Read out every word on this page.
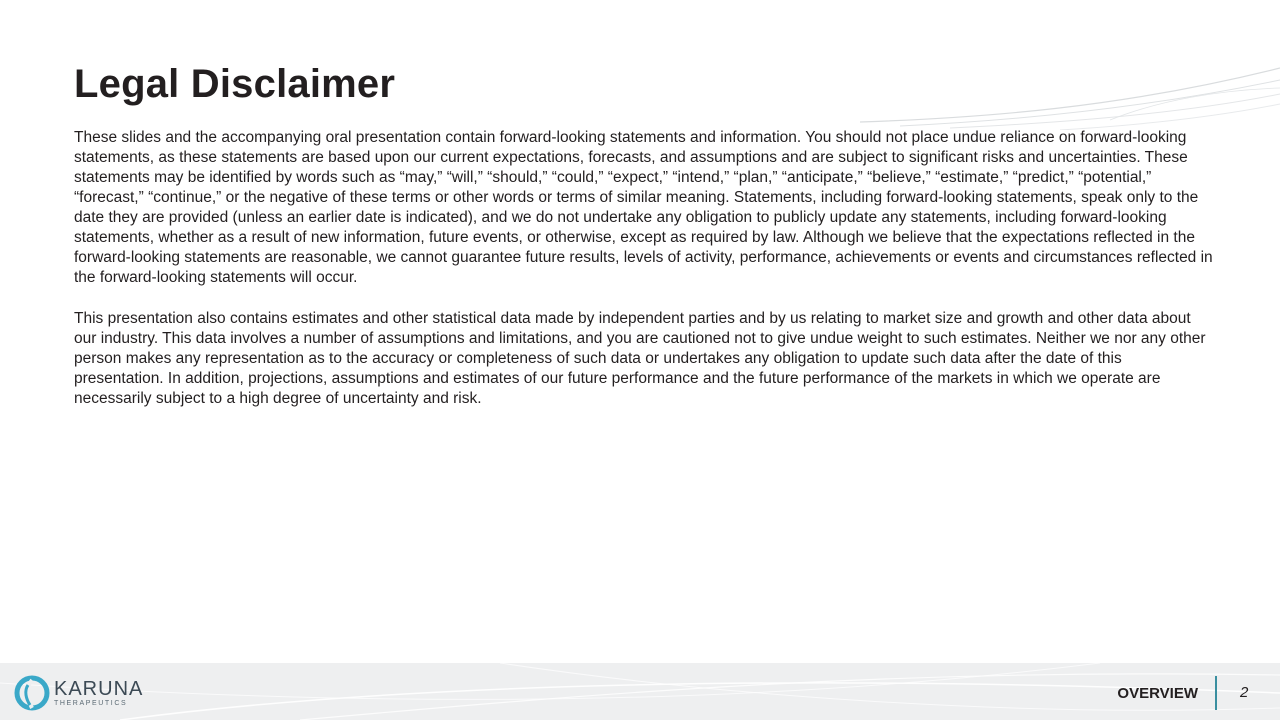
Legal Disclaimer

These slides and the accompanying oral presentation contain forward-looking statements and information. You should not place undue reliance on forward-looking statements, as these statements are based upon our current expectations, forecasts, and assumptions and are subject to significant risks and uncertainties. These statements may be identified by words such as “may,” “will,” “should,” “could,” “expect,” “intend,” “plan,” “anticipate,” “believe,” “estimate,” “predict,” “potential,” “forecast,” “continue,” or the negative of these terms or other words or terms of similar meaning. Statements, including forward-looking statements, speak only to the date they are provided (unless an earlier date is indicated), and we do not undertake any obligation to publicly update any statements, including forward-looking statements, whether as a result of new information, future events, or otherwise, except as required by law. Although we believe that the expectations reflected in the forward-looking statements are reasonable, we cannot guarantee future results, levels of activity, performance, achievements or events and circumstances reflected in the forward-looking statements will occur.

This presentation also contains estimates and other statistical data made by independent parties and by us relating to market size and growth and other data about our industry. This data involves a number of assumptions and limitations, and you are cautioned not to give undue weight to such estimates. Neither we nor any other person makes any representation as to the accuracy or completeness of such data or undertakes any obligation to update such data after the date of this presentation. In addition, projections, assumptions and estimates of our future performance and the future performance of the markets in which we operate are necessarily subject to a high degree of uncertainty and risk.

KARUNA
THERAPEUTICS
OVERVIEW	2
